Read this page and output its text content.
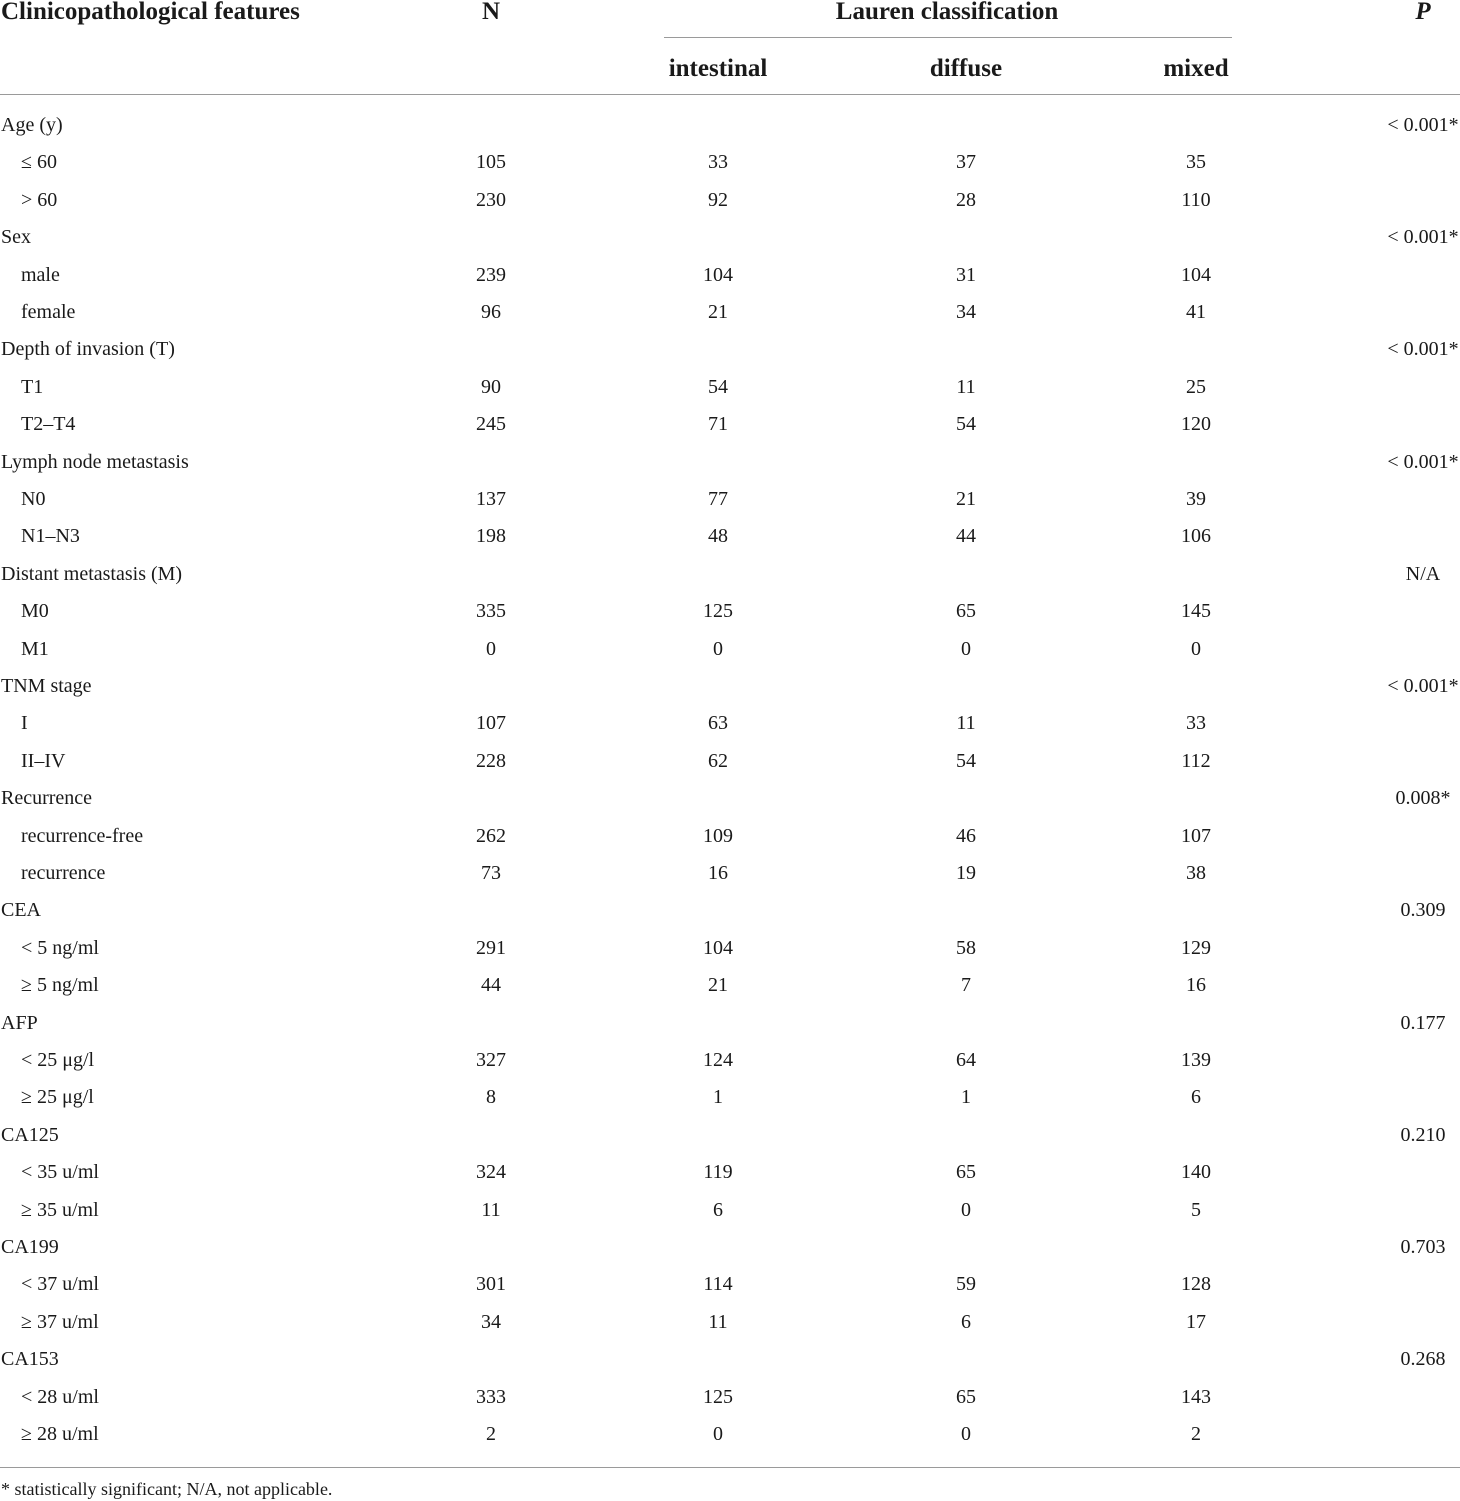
Clinicopathological features	N	Lauren classification	P
intestinal	diffuse	mixed
Age (y)	< 0.001*
≤ 60	105	33	37	35
> 60	230	92	28	110
Sex	< 0.001*
male	239	104	31	104
female	96	21	34	41
Depth of invasion (T)	< 0.001*
T1	90	54	11	25
T2–T4	245	71	54	120
Lymph node metastasis	< 0.001*
N0	137	77	21	39
N1–N3	198	48	44	106
Distant metastasis (M)	N/A
M0	335	125	65	145
M1	0	0	0	0
TNM stage	< 0.001*
I	107	63	11	33
II–IV	228	62	54	112
Recurrence	0.008*
recurrence-free	262	109	46	107
recurrence	73	16	19	38
CEA	0.309
< 5 ng/ml	291	104	58	129
≥ 5 ng/ml	44	21	7	16
AFP	0.177
< 25 μg/l	327	124	64	139
≥ 25 μg/l	8	1	1	6
CA125	0.210
< 35 u/ml	324	119	65	140
≥ 35 u/ml	11	6	0	5
CA199	0.703
< 37 u/ml	301	114	59	128
≥ 37 u/ml	34	11	6	17
CA153	0.268
< 28 u/ml	333	125	65	143
≥ 28 u/ml	2	0	0	2
* statistically significant; N/A, not applicable.
